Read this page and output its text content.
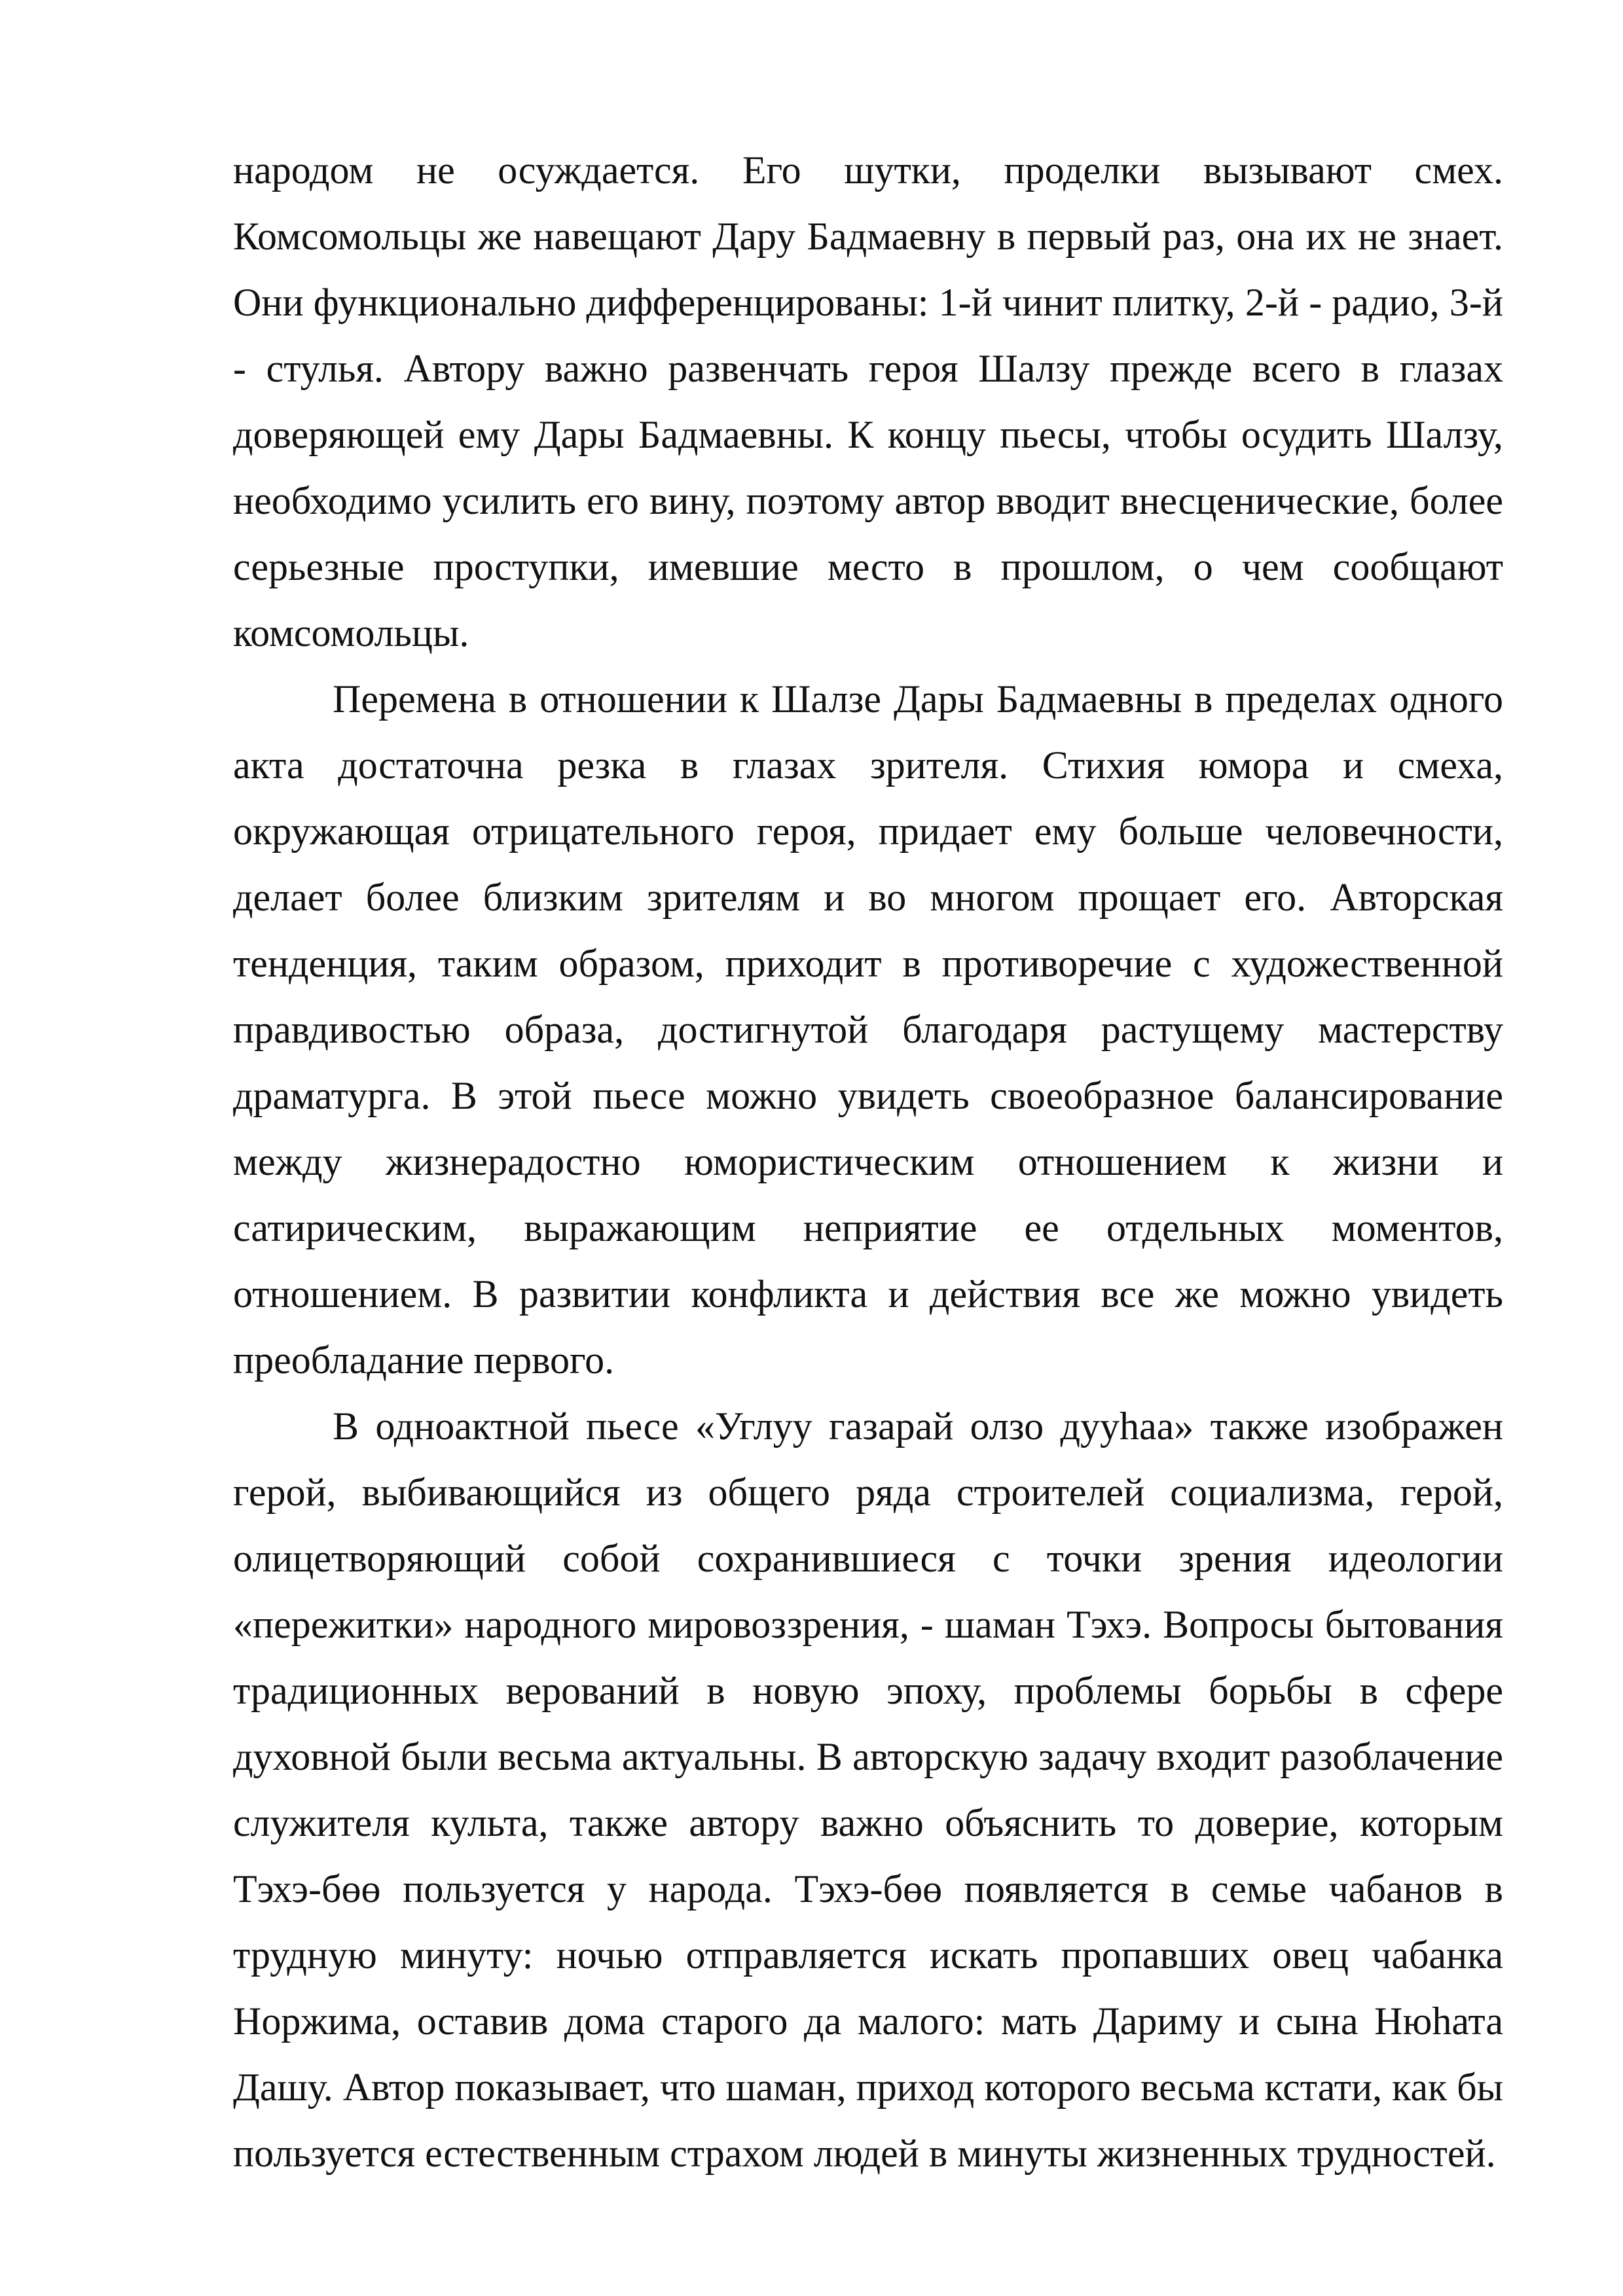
народом не осуждается. Его шутки, проделки вызывают смех. Комсомольцы же навещают Дару Бадмаевну в первый раз, она их не знает. Они функционально дифференцированы: 1-й чинит плитку, 2-й - радио, 3-й - стулья. Автору важно развенчать героя Шалзу прежде всего в глазах доверяющей ему Дары Бадмаевны. К концу пьесы, чтобы осудить Шалзу, необходимо усилить его вину, поэтому автор вводит внесценические, более серьезные проступки, имевшие место в прошлом, о чем сообщают комсомольцы.

Перемена в отношении к Шалзе Дары Бадмаевны в пределах одного акта достаточна резка в глазах зрителя. Стихия юмора и смеха, окружающая отрицательного героя, придает ему больше человечности, делает более близким зрителям и во многом прощает его. Авторская тенденция, таким образом, приходит в противоречие с художественной правдивостью образа, достигнутой благодаря растущему мастерству драматурга. В этой пьесе можно увидеть своеобразное балансирование между жизнерадостно юмористическим отношением к жизни и сатирическим, выражающим неприятие ее отдельных моментов, отношением. В развитии конфликта и действия все же можно увидеть преобладание первого.

В одноактной пьесе «Углуу газарай олзо дууһаа» также изображен герой, выбивающийся из общего ряда строителей социализма, герой, олицетворяющий собой сохранившиеся с точки зрения идеологии «пережитки» народного мировоззрения, - шаман Тэхэ. Вопросы бытования традиционных верований в новую эпоху, проблемы борьбы в сфере духовной были весьма актуальны. В авторскую задачу входит разоблачение служителя культа, также автору важно объяснить то доверие, которым Тэхэ-бөө пользуется у народа. Тэхэ-бөө появляется в семье чабанов в трудную минуту: ночью отправляется искать пропавших овец чабанка Норжима, оставив дома старого да малого: мать Дариму и сына Нюһата Дашу. Автор показывает, что шаман, приход которого весьма кстати, как бы пользуется естественным страхом людей в минуты жизненных трудностей.
